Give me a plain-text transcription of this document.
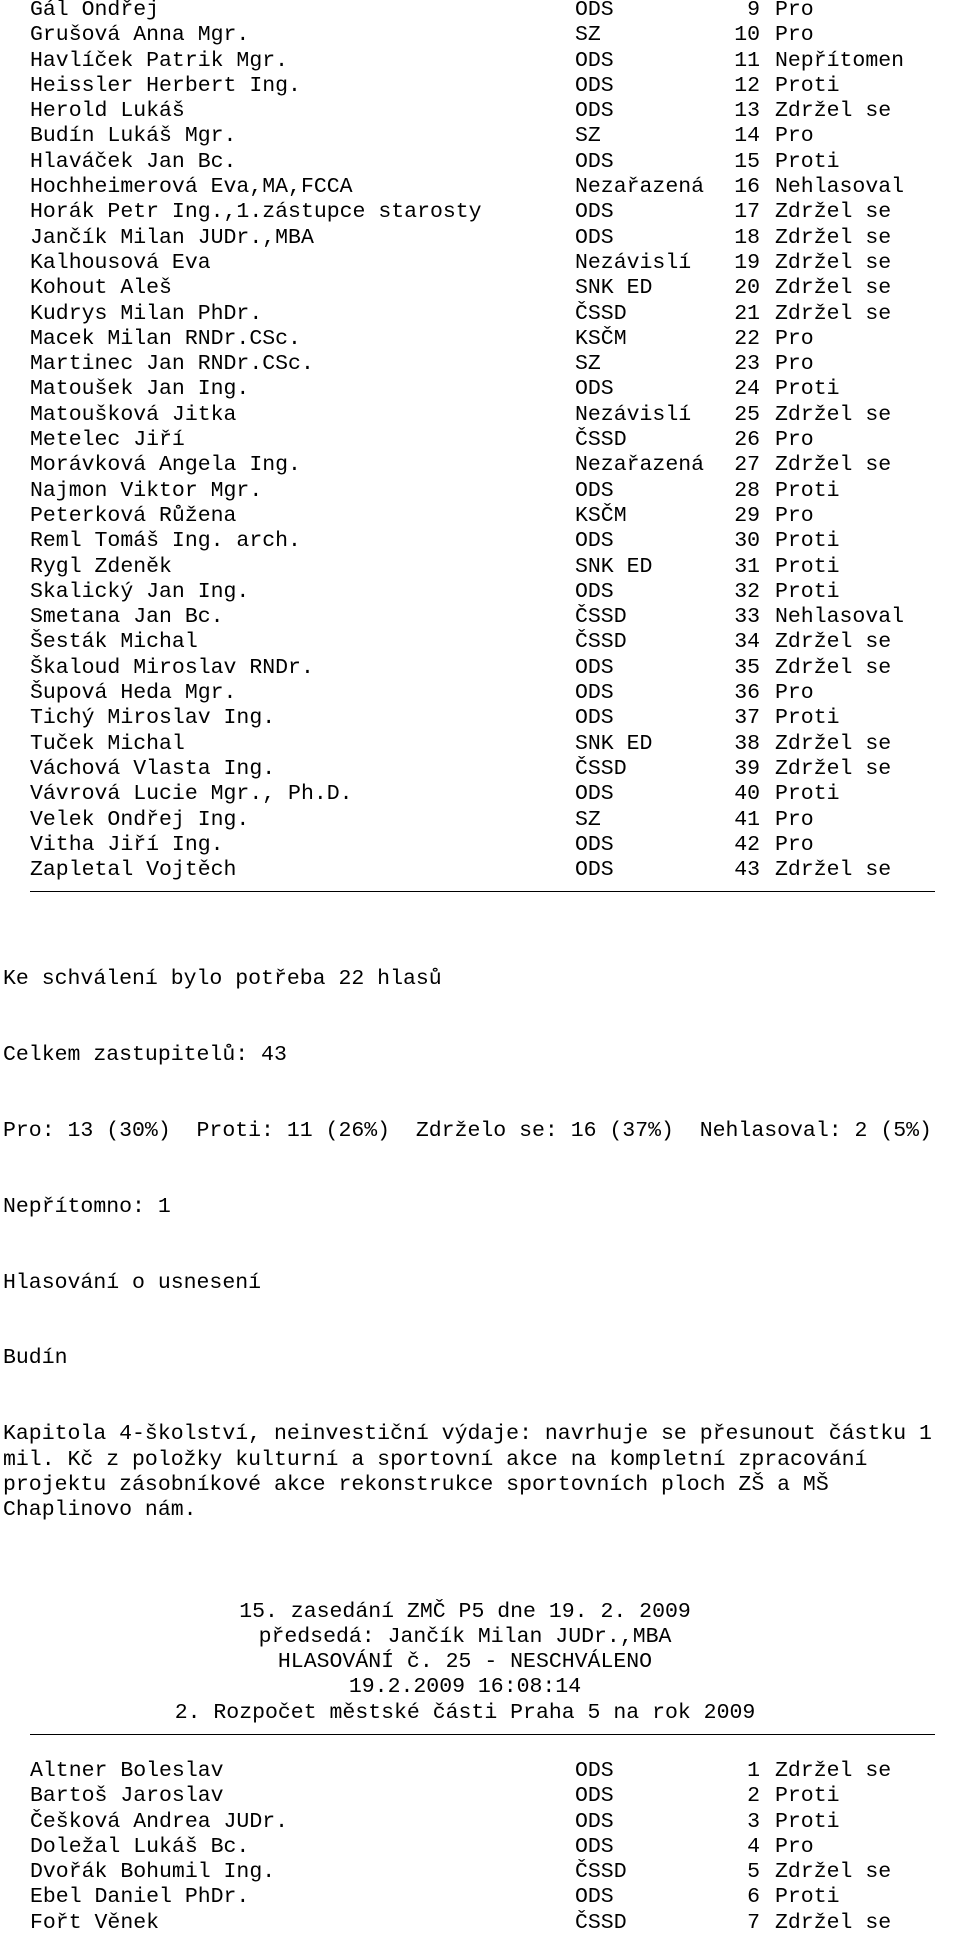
Gál Ondřej	ODS	9 Pro
Grušová Anna Mgr.	SZ	10 Pro
Havlíček Patrik Mgr.	ODS	11 Nepřítomen
Heissler Herbert Ing.	ODS	12 Proti
Herold Lukáš	ODS	13 Zdržel se
Budín Lukáš Mgr.	SZ	14 Pro
Hlaváček Jan Bc.	ODS	15 Proti
Hochheimerová Eva,MA,FCCA	Nezařazená	16 Nehlasoval
Horák Petr Ing.,1.zástupce starosty	ODS	17 Zdržel se
Jančík Milan JUDr.,MBA	ODS	18 Zdržel se
Kalhousová Eva	Nezávislí	19 Zdržel se
Kohout Aleš	SNK ED	20 Zdržel se
Kudrys Milan PhDr.	ČSSD	21 Zdržel se
Macek Milan RNDr.CSc.	KSČM	22 Pro
Martinec Jan RNDr.CSc.	SZ	23 Pro
Matoušek Jan Ing.	ODS	24 Proti
Matoušková Jitka	Nezávislí	25 Zdržel se
Metelec Jiří	ČSSD	26 Pro
Morávková Angela Ing.	Nezařazená	27 Zdržel se
Najmon Viktor Mgr.	ODS	28 Proti
Peterková Růžena	KSČM	29 Pro
Reml Tomáš Ing. arch.	ODS	30 Proti
Rygl Zdeněk	SNK ED	31 Proti
Skalický Jan Ing.	ODS	32 Proti
Smetana Jan Bc.	ČSSD	33 Nehlasoval
Šesták Michal	ČSSD	34 Zdržel se
Škaloud Miroslav RNDr.	ODS	35 Zdržel se
Šupová Heda Mgr.	ODS	36 Pro
Tichý Miroslav Ing.	ODS	37 Proti
Tuček Michal	SNK ED	38 Zdržel se
Váchová Vlasta Ing.	ČSSD	39 Zdržel se
Vávrová Lucie Mgr., Ph.D.	ODS	40 Proti
Velek Ondřej Ing.	SZ	41 Pro
Vitha Jiří Ing.	ODS	42 Pro
Zapletal Vojtěch	ODS	43 Zdržel se

Ke schválení bylo potřeba 22 hlasů

Celkem zastupitelů: 43

Pro: 13 (30%)  Proti: 11 (26%)  Zdrželo se: 16 (37%)  Nehlasoval: 2 (5%)

Nepřítomno: 1

Hlasování o usnesení

Budín

Kapitola 4-školství, neinvestiční výdaje: navrhuje se přesunout částku 1 mil. Kč z položky kulturní a sportovní akce na kompletní zpracování projektu zásobníkové akce rekonstrukce sportovních ploch ZŠ a MŠ Chaplinovo nám.
15. zasedání ZMČ P5 dne 19. 2. 2009
předsedá: Jančík Milan JUDr.,MBA
HLASOVÁNÍ č. 25 - NESCHVÁLENO
19.2.2009 16:08:14
2. Rozpočet městské části Praha 5 na rok 2009
Altner Boleslav	ODS	1 Zdržel se
Bartoš Jaroslav	ODS	2 Proti
Češková Andrea JUDr.	ODS	3 Proti
Doležal Lukáš Bc.	ODS	4 Pro
Dvořák Bohumil Ing.	ČSSD	5 Zdržel se
Ebel Daniel PhDr.	ODS	6 Proti
Fořt Věnek	ČSSD	7 Zdržel se
